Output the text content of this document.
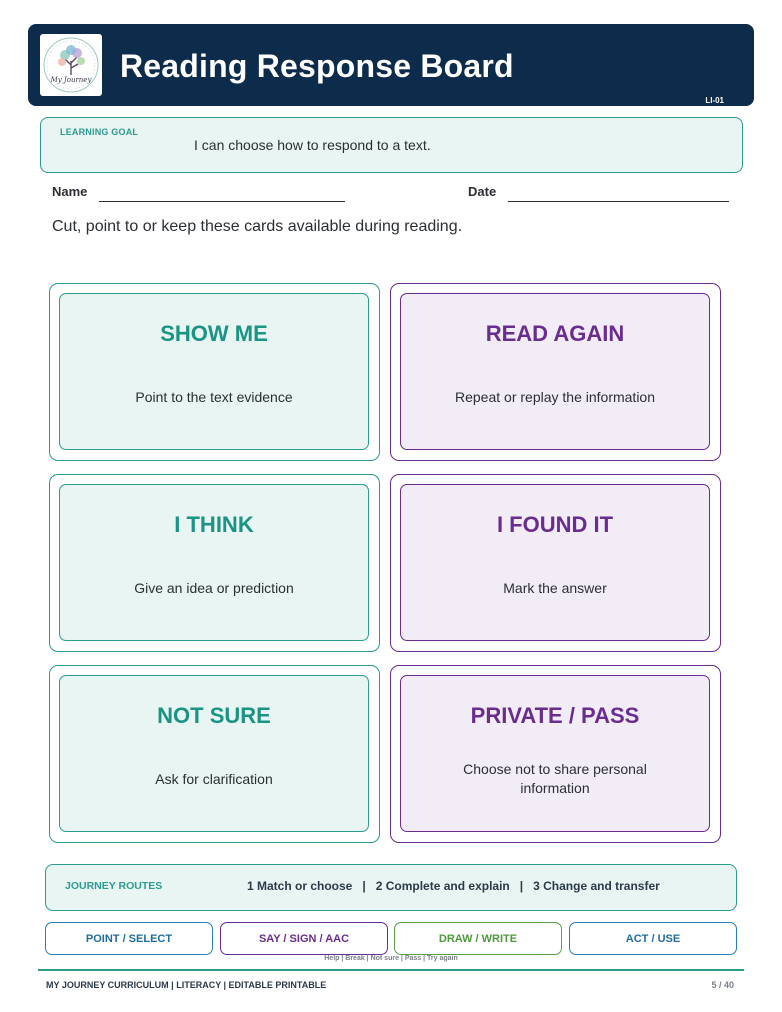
My Journey Reading Response Board
LI-01
LEARNING GOAL
I can choose how to respond to a text.
Name	Date
Cut, point to or keep these cards available during reading.
SHOW ME
Point to the text evidence
READ AGAIN
Repeat or replay the information
I THINK
Give an idea or prediction
I FOUND IT
Mark the answer
NOT SURE
Ask for clarification
PRIVATE / PASS
Choose not to share personal information
JOURNEY ROUTES	1 Match or choose   |   2 Complete and explain   |   3 Change and transfer
POINT / SELECT	SAY / SIGN / AAC	DRAW / WRITE	ACT / USE
Help | Break | Not sure | Pass | Try again
MY JOURNEY CURRICULUM | LITERACY | EDITABLE PRINTABLE	5 / 40
